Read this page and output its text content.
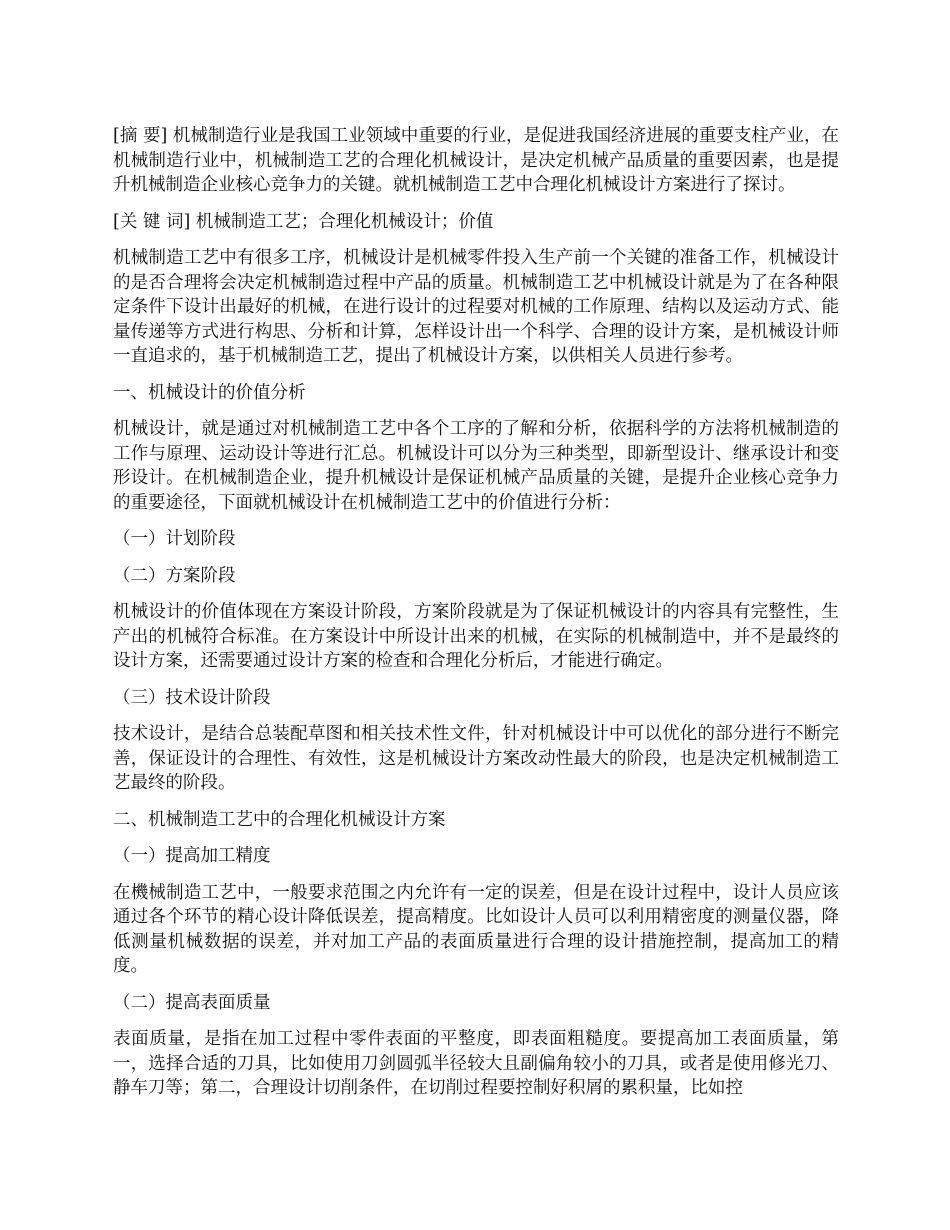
[摘 要] 机械制造行业是我国工业领域中重要的行业，是促进我国经济进展的重要支柱产业，在机械制造行业中，机械制造工艺的合理化机械设计，是决定机械产品质量的重要因素，也是提升机械制造企业核心竞争力的关键。就机械制造工艺中合理化机械设计方案进行了探讨。

[关 键 词] 机械制造工艺；合理化机械设计；价值

机械制造工艺中有很多工序，机械设计是机械零件投入生产前一个关键的准备工作，机械设计的是否合理将会决定机械制造过程中产品的质量。机械制造工艺中机械设计就是为了在各种限定条件下设计出最好的机械，在进行设计的过程要对机械的工作原理、结构以及运动方式、能量传递等方式进行构思、分析和计算，怎样设计出一个科学、合理的设计方案，是机械设计师一直追求的，基于机械制造工艺，提出了机械设计方案，以供相关人员进行参考。

一、机械设计的价值分析

机械设计，就是通过对机械制造工艺中各个工序的了解和分析，依据科学的方法将机械制造的工作与原理、运动设计等进行汇总。机械设计可以分为三种类型，即新型设计、继承设计和变形设计。在机械制造企业，提升机械设计是保证机械产品质量的关键，是提升企业核心竞争力的重要途径，下面就机械设计在机械制造工艺中的价值进行分析：

（一）计划阶段

（二）方案阶段

机械设计的价值体现在方案设计阶段，方案阶段就是为了保证机械设计的内容具有完整性，生产出的机械符合标准。在方案设计中所设计出来的机械，在实际的机械制造中，并不是最终的设计方案，还需要通过设计方案的检查和合理化分析后，才能进行确定。

（三）技术设计阶段

技术设计，是结合总装配草图和相关技术性文件，针对机械设计中可以优化的部分进行不断完善，保证设计的合理性、有效性，这是机械设计方案改动性最大的阶段，也是决定机械制造工艺最终的阶段。

二、机械制造工艺中的合理化机械设计方案

（一）提高加工精度

在機械制造工艺中，一般要求范围之内允许有一定的误差，但是在设计过程中，设计人员应该通过各个环节的精心设计降低误差，提高精度。比如设计人员可以利用精密度的测量仪器，降低测量机械数据的误差，并对加工产品的表面质量进行合理的设计措施控制，提高加工的精度。

（二）提高表面质量

表面质量，是指在加工过程中零件表面的平整度，即表面粗糙度。要提高加工表面质量，第一，选择合适的刀具，比如使用刀剑圆弧半径较大且副偏角较小的刀具，或者是使用修光刀、静车刀等；第二，合理设计切削条件，在切削过程要控制好积屑的累积量，比如控
